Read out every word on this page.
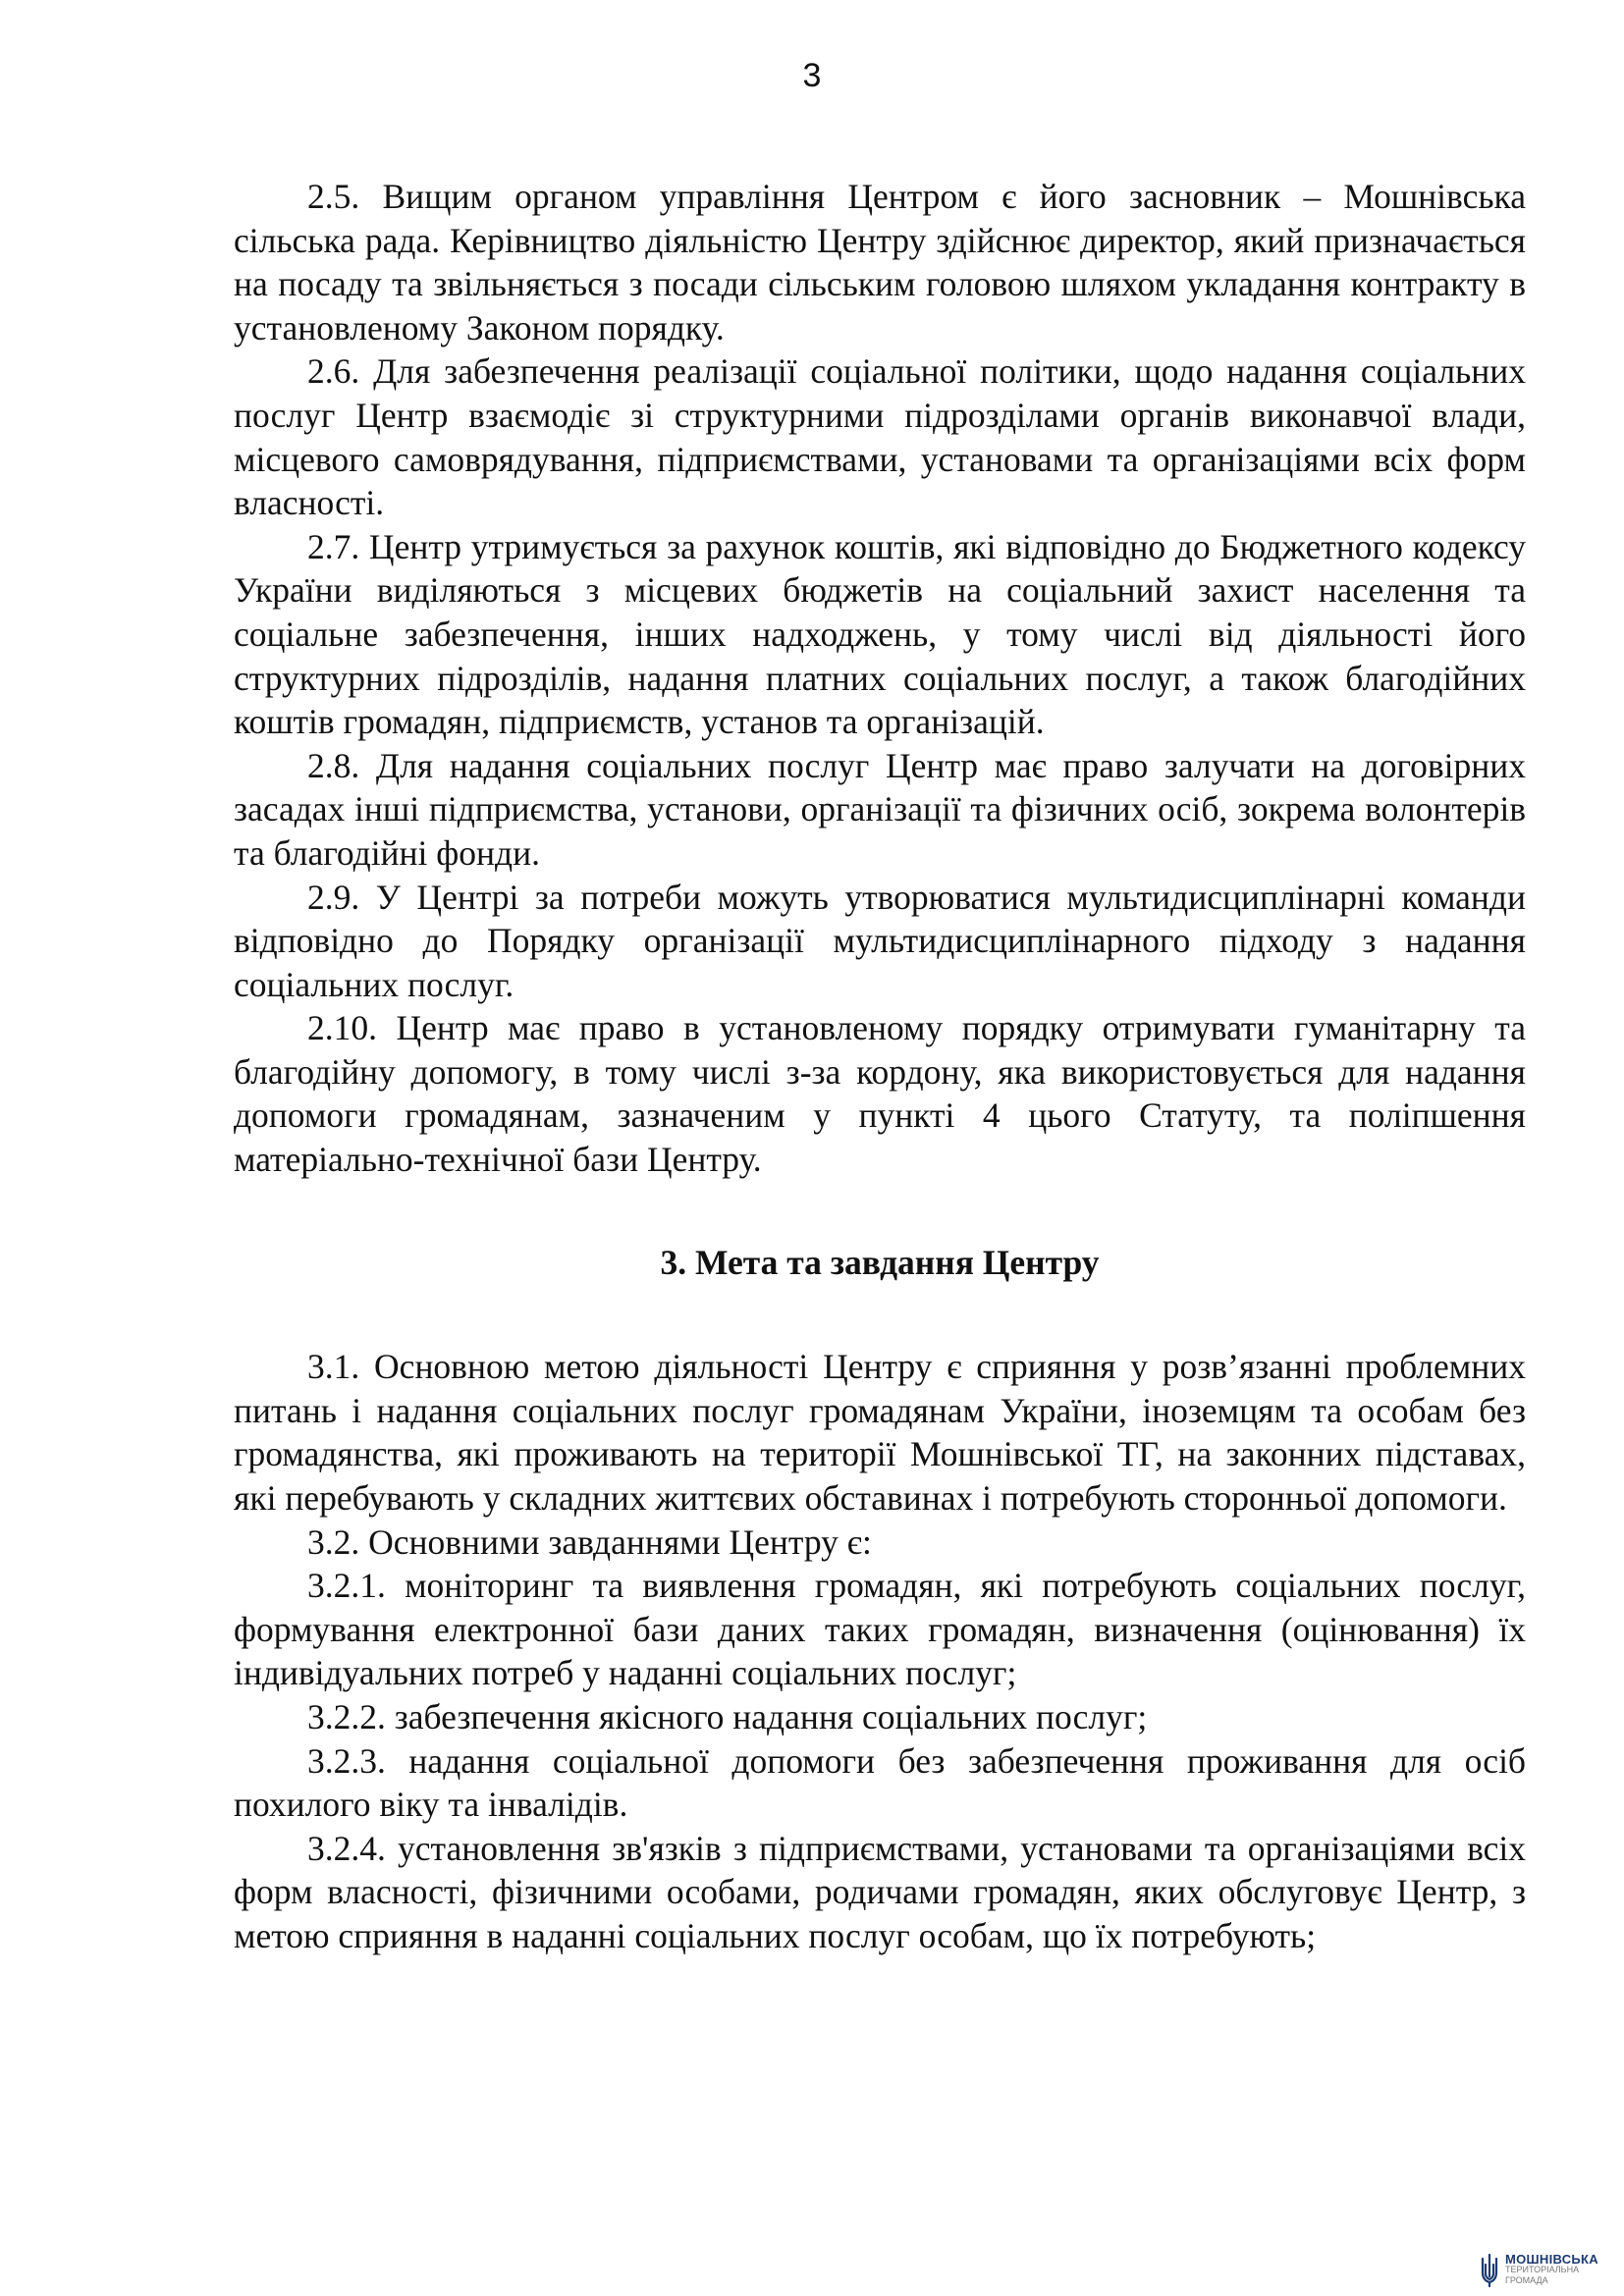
3

2.5. Вищим органом управління Центром є його засновник – Мошнівська сільська рада. Керівництво діяльністю Центру здійснює директор, який призначається на посаду та звільняється з посади сільським головою шляхом укладання контракту в установленому Законом порядку.

2.6. Для забезпечення реалізації соціальної політики, щодо надання соціальних послуг Центр взаємодіє зі структурними підрозділами органів виконавчої влади, місцевого самоврядування, підприємствами, установами та організаціями всіх форм власності.

2.7. Центр утримується за рахунок коштів, які відповідно до Бюджетного кодексу України виділяються з місцевих бюджетів на соціальний захист населення та соціальне забезпечення, інших надходжень, у тому числі від діяльності його структурних підрозділів, надання платних соціальних послуг, а також благодійних коштів громадян, підприємств, установ та організацій.

2.8. Для надання соціальних послуг Центр має право залучати на договірних засадах інші підприємства, установи, організації та фізичних осіб, зокрема волонтерів та благодійні фонди.

2.9. У Центрі за потреби можуть утворюватися мультидисциплінарні команди відповідно до Порядку організації мультидисциплінарного підходу з надання соціальних послуг.

2.10. Центр має право в установленому порядку отримувати гуманітарну та благодійну допомогу, в тому числі з-за кордону, яка використовується для надання допомоги громадянам, зазначеним у пункті 4 цього Статуту, та поліпшення матеріально-технічної бази Центру.

3. Мета та завдання Центру

3.1. Основною метою діяльності Центру є сприяння у розв’язанні проблемних питань і надання соціальних послуг громадянам України, іноземцям та особам без громадянства, які проживають на території Мошнівської ТГ, на законних підставах, які перебувають у складних життєвих обставинах і потребують сторонньої допомоги.

3.2. Основними завданнями Центру є:

3.2.1. моніторинг та виявлення громадян, які потребують соціальних послуг, формування електронної бази даних таких громадян, визначення (оцінювання) їх індивідуальних потреб у наданні соціальних послуг;

3.2.2. забезпечення якісного надання соціальних послуг;

3.2.3. надання соціальної допомоги без забезпечення проживання для осіб похилого віку та інвалідів.

3.2.4. установлення зв'язків з підприємствами, установами та організаціями всіх форм власності, фізичними особами, родичами громадян, яких обслуговує Центр, з метою сприяння в наданні соціальних послуг особам, що їх потребують;

МОШНІВСЬКА
ТЕРИТОРІАЛЬНА
ГРОМАДА
